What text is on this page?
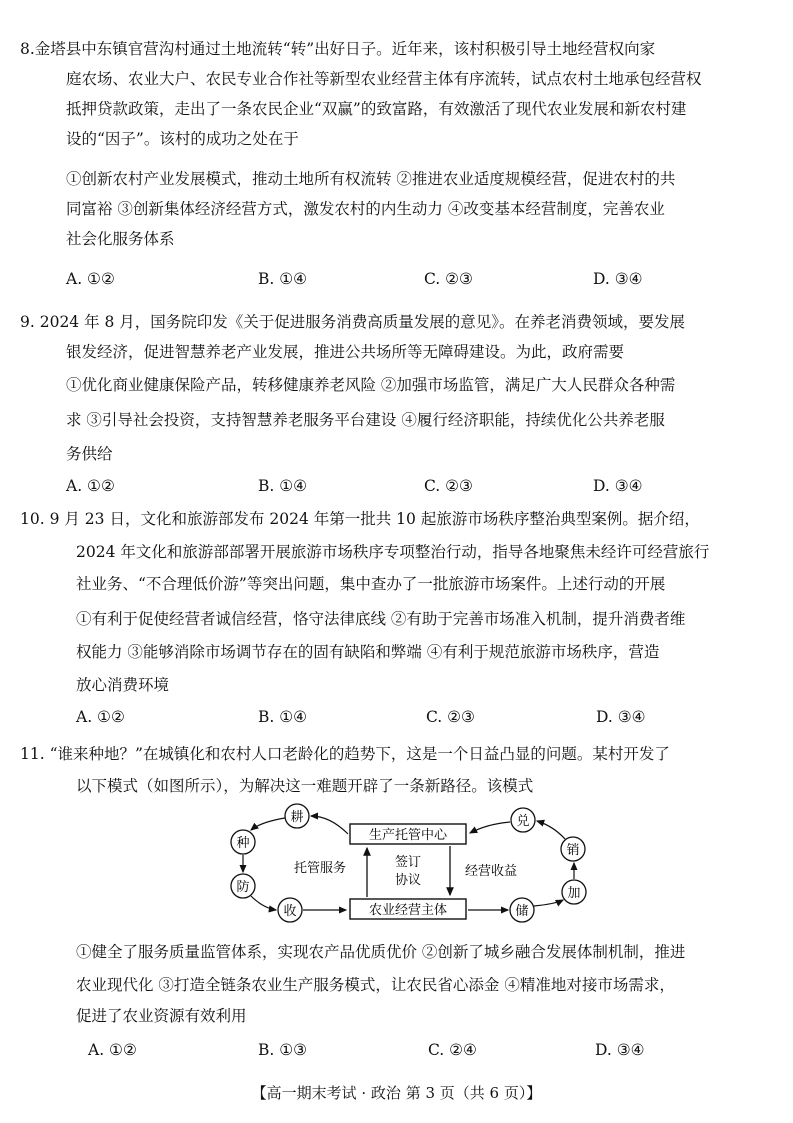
8.金塔县中东镇官营沟村通过土地流转“转”出好日子。近年来，该村积极引导土地经营权向家
庭农场、农业大户、农民专业合作社等新型农业经营主体有序流转，试点农村土地承包经营权
抵押贷款政策，走出了一条农民企业“双赢”的致富路，有效激活了现代农业发展和新农村建
设的“因子”。该村的成功之处在于
①创新农村产业发展模式，推动土地所有权流转 ②推进农业适度规模经营，促进农村的共
同富裕 ③创新集体经济经营方式，激发农村的内生动力 ④改变基本经营制度，完善农业
社会化服务体系
A. ①②	B. ①④	C. ②③	D. ③④
9. 2024 年 8 月，国务院印发《关于促进服务消费高质量发展的意见》。在养老消费领域，要发展
银发经济，促进智慧养老产业发展，推进公共场所等无障碍建设。为此，政府需要
①优化商业健康保险产品，转移健康养老风险 ②加强市场监管，满足广大人民群众各种需
求 ③引导社会投资，支持智慧养老服务平台建设 ④履行经济职能，持续优化公共养老服
务供给
A. ①②	B. ①④	C. ②③	D. ③④
10. 9 月 23 日，文化和旅游部发布 2024 年第一批共 10 起旅游市场秩序整治典型案例。据介绍，
2024 年文化和旅游部部署开展旅游市场秩序专项整治行动，指导各地聚焦未经许可经营旅行
社业务、“不合理低价游”等突出问题，集中查办了一批旅游市场案件。上述行动的开展
①有利于促使经营者诚信经营，恪守法律底线 ②有助于完善市场准入机制，提升消费者维
权能力 ③能够消除市场调节存在的固有缺陷和弊端 ④有利于规范旅游市场秩序，营造
放心消费环境
A. ①②	B. ①④	C. ②③	D. ③④
11. “谁来种地？”在城镇化和农村人口老龄化的趋势下，这是一个日益凸显的问题。某村开发了
以下模式（如图所示），为解决这一难题开辟了一条新路径。该模式
生产托管中心
农业经营主体
托管服务	签订
协议
经营收益
耕
种
防
收
兑
销
加
储
①健全了服务质量监管体系，实现农产品优质优价 ②创新了城乡融合发展体制机制，推进
农业现代化 ③打造全链条农业生产服务模式，让农民省心添金 ④精准地对接市场需求，
促进了农业资源有效利用
A. ①②	B. ①③	C. ②④	D. ③④
【高一期末考试 · 政治 第 3 页（共 6 页）】
